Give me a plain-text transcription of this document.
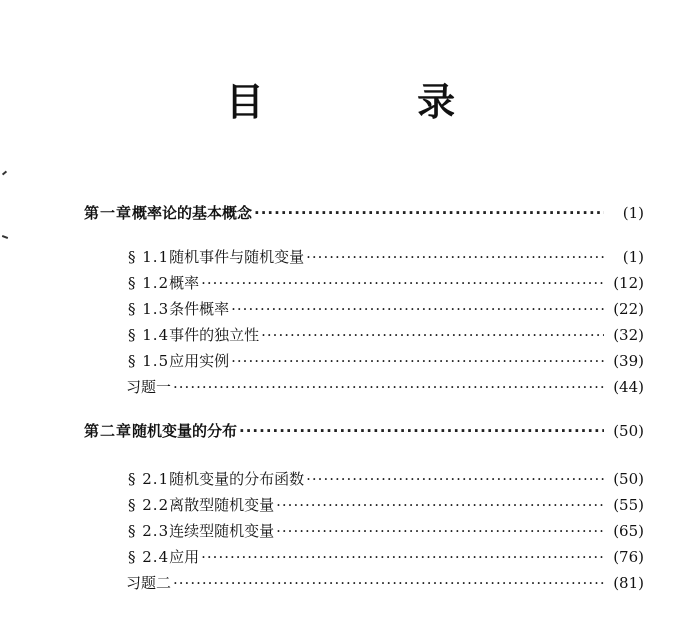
目 录
第一章 概率论的基本概念 ·····	(1)
§ 1.1 随机事件与随机变量 ·····	(1)
§ 1.2 概率 ·····	(12)
§ 1.3 条件概率 ·····	(22)
§ 1.4 事件的独立性 ·····	(32)
§ 1.5 应用实例 ·····	(39)
习题一 ·····	(44)
第二章 随机变量的分布 ·····	(50)
§ 2.1 随机变量的分布函数 ·····	(50)
§ 2.2 离散型随机变量 ·····	(55)
§ 2.3 连续型随机变量 ·····	(65)
§ 2.4 应用 ·····	(76)
习题二 ·····	(81)
